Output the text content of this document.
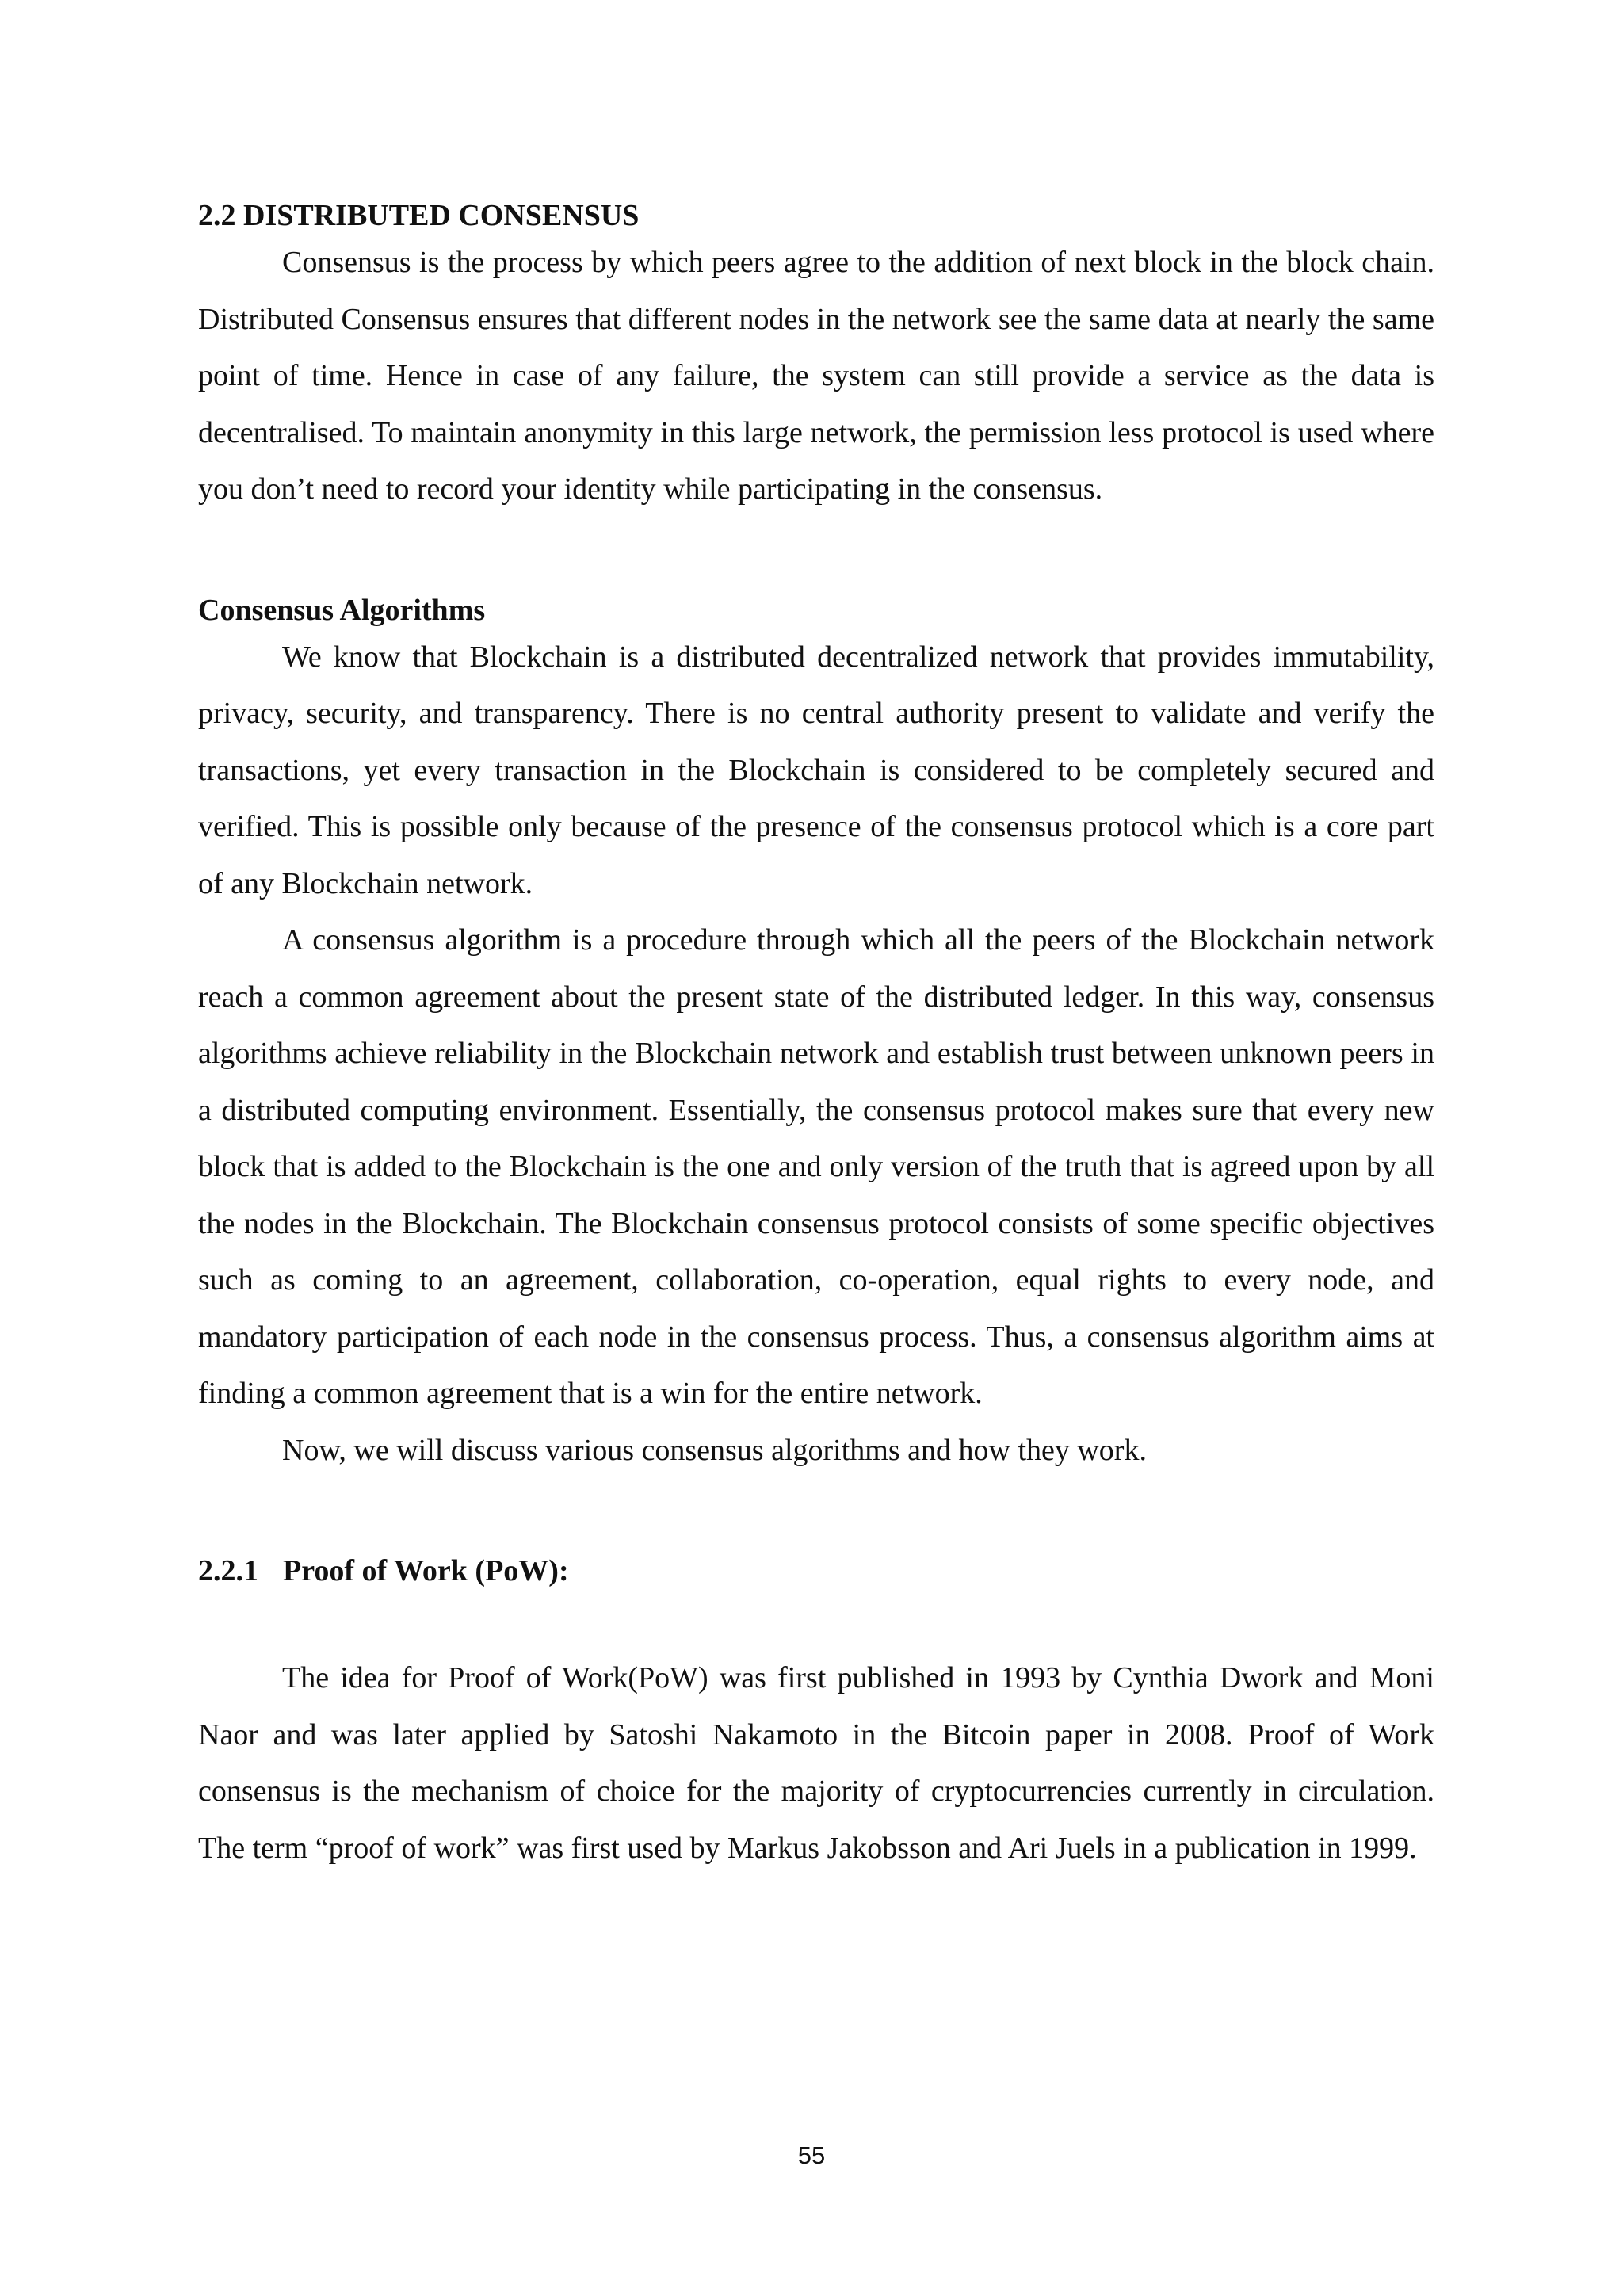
2.2 DISTRIBUTED CONSENSUS

Consensus is the process by which peers agree to the addition of next block in the block chain. Distributed Consensus ensures that different nodes in the network see the same data at nearly the same point of time. Hence in case of any failure, the system can still provide a service as the data is decentralised. To maintain anonymity in this large network, the permission less protocol is used where you don’t need to record your identity while participating in the consensus.

Consensus Algorithms

We know that Blockchain is a distributed decentralized network that provides immutability, privacy, security, and transparency. There is no central authority present to validate and verify the transactions, yet every transaction in the Blockchain is considered to be completely secured and verified. This is possible only because of the presence of the consensus protocol which is a core part of any Blockchain network.

A consensus algorithm is a procedure through which all the peers of the Blockchain network reach a common agreement about the present state of the distributed ledger. In this way, consensus algorithms achieve reliability in the Blockchain network and establish trust between unknown peers in a distributed computing environment. Essentially, the consensus protocol makes sure that every new block that is added to the Blockchain is the one and only version of the truth that is agreed upon by all the nodes in the Blockchain. The Blockchain consensus protocol consists of some specific objectives such as coming to an agreement, collaboration, co-operation, equal rights to every node, and mandatory participation of each node in the consensus process. Thus, a consensus algorithm aims at finding a common agreement that is a win for the entire network.

Now, we will discuss various consensus algorithms and how they work.

2.2.1 Proof of Work (PoW):

The idea for Proof of Work(PoW) was first published in 1993 by Cynthia Dwork and Moni Naor and was later applied by Satoshi Nakamoto in the Bitcoin paper in 2008. Proof of Work consensus is the mechanism of choice for the majority of cryptocurrencies currently in circulation. The term “proof of work” was first used by Markus Jakobsson and Ari Juels in a publication in 1999.

55
